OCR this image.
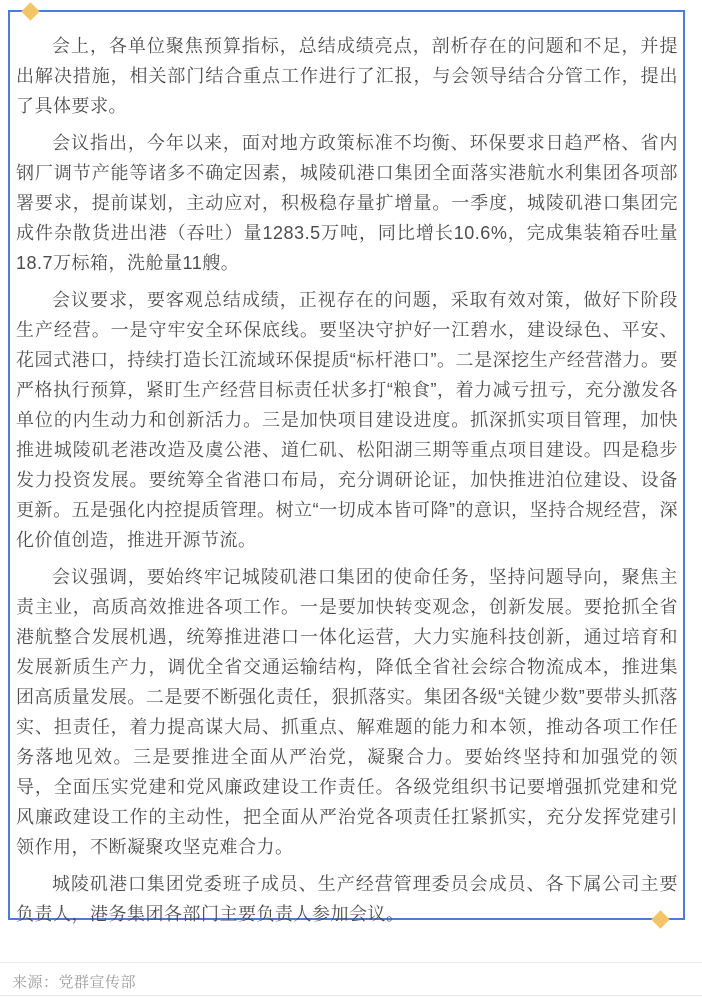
会上，各单位聚焦预算指标，总结成绩亮点，剖析存在的问题和不足，并提出解决措施，相关部门结合重点工作进行了汇报，与会领导结合分管工作，提出了具体要求。

会议指出，今年以来，面对地方政策标准不均衡、环保要求日趋严格、省内钢厂调节产能等诸多不确定因素，城陵矶港口集团全面落实港航水利集团各项部署要求，提前谋划，主动应对，积极稳存量扩增量。一季度，城陵矶港口集团完成件杂散货进出港（吞吐）量1283.5万吨，同比增长10.6%，完成集装箱吞吐量18.7万标箱，洗舱量11艘。

会议要求，要客观总结成绩，正视存在的问题，采取有效对策，做好下阶段生产经营。一是守牢安全环保底线。要坚决守护好一江碧水，建设绿色、平安、花园式港口，持续打造长江流域环保提质“标杆港口”。二是深挖生产经营潜力。要严格执行预算，紧盯生产经营目标责任状多打“粮食”，着力减亏扭亏，充分激发各单位的内生动力和创新活力。三是加快项目建设进度。抓深抓实项目管理，加快推进城陵矶老港改造及虞公港、道仁矶、松阳湖三期等重点项目建设。四是稳步发力投资发展。要统筹全省港口布局，充分调研论证，加快推进泊位建设、设备更新。五是强化内控提质管理。树立“一切成本皆可降”的意识，坚持合规经营，深化价值创造，推进开源节流。

会议强调，要始终牢记城陵矶港口集团的使命任务，坚持问题导向，聚焦主责主业，高质高效推进各项工作。一是要加快转变观念，创新发展。要抢抓全省港航整合发展机遇，统筹推进港口一体化运营，大力实施科技创新，通过培育和发展新质生产力，调优全省交通运输结构，降低全省社会综合物流成本，推进集团高质量发展。二是要不断强化责任，狠抓落实。集团各级“关键少数”要带头抓落实、担责任，着力提高谋大局、抓重点、解难题的能力和本领，推动各项工作任务落地见效。三是要推进全面从严治党，凝聚合力。要始终坚持和加强党的领导，全面压实党建和党风廉政建设工作责任。各级党组织书记要增强抓党建和党风廉政建设工作的主动性，把全面从严治党各项责任扛紧抓实，充分发挥党建引领作用，不断凝聚攻坚克难合力。

城陵矶港口集团党委班子成员、生产经营管理委员会成员、各下属公司主要负责人，港务集团各部门主要负责人参加会议。

来源：党群宣传部
